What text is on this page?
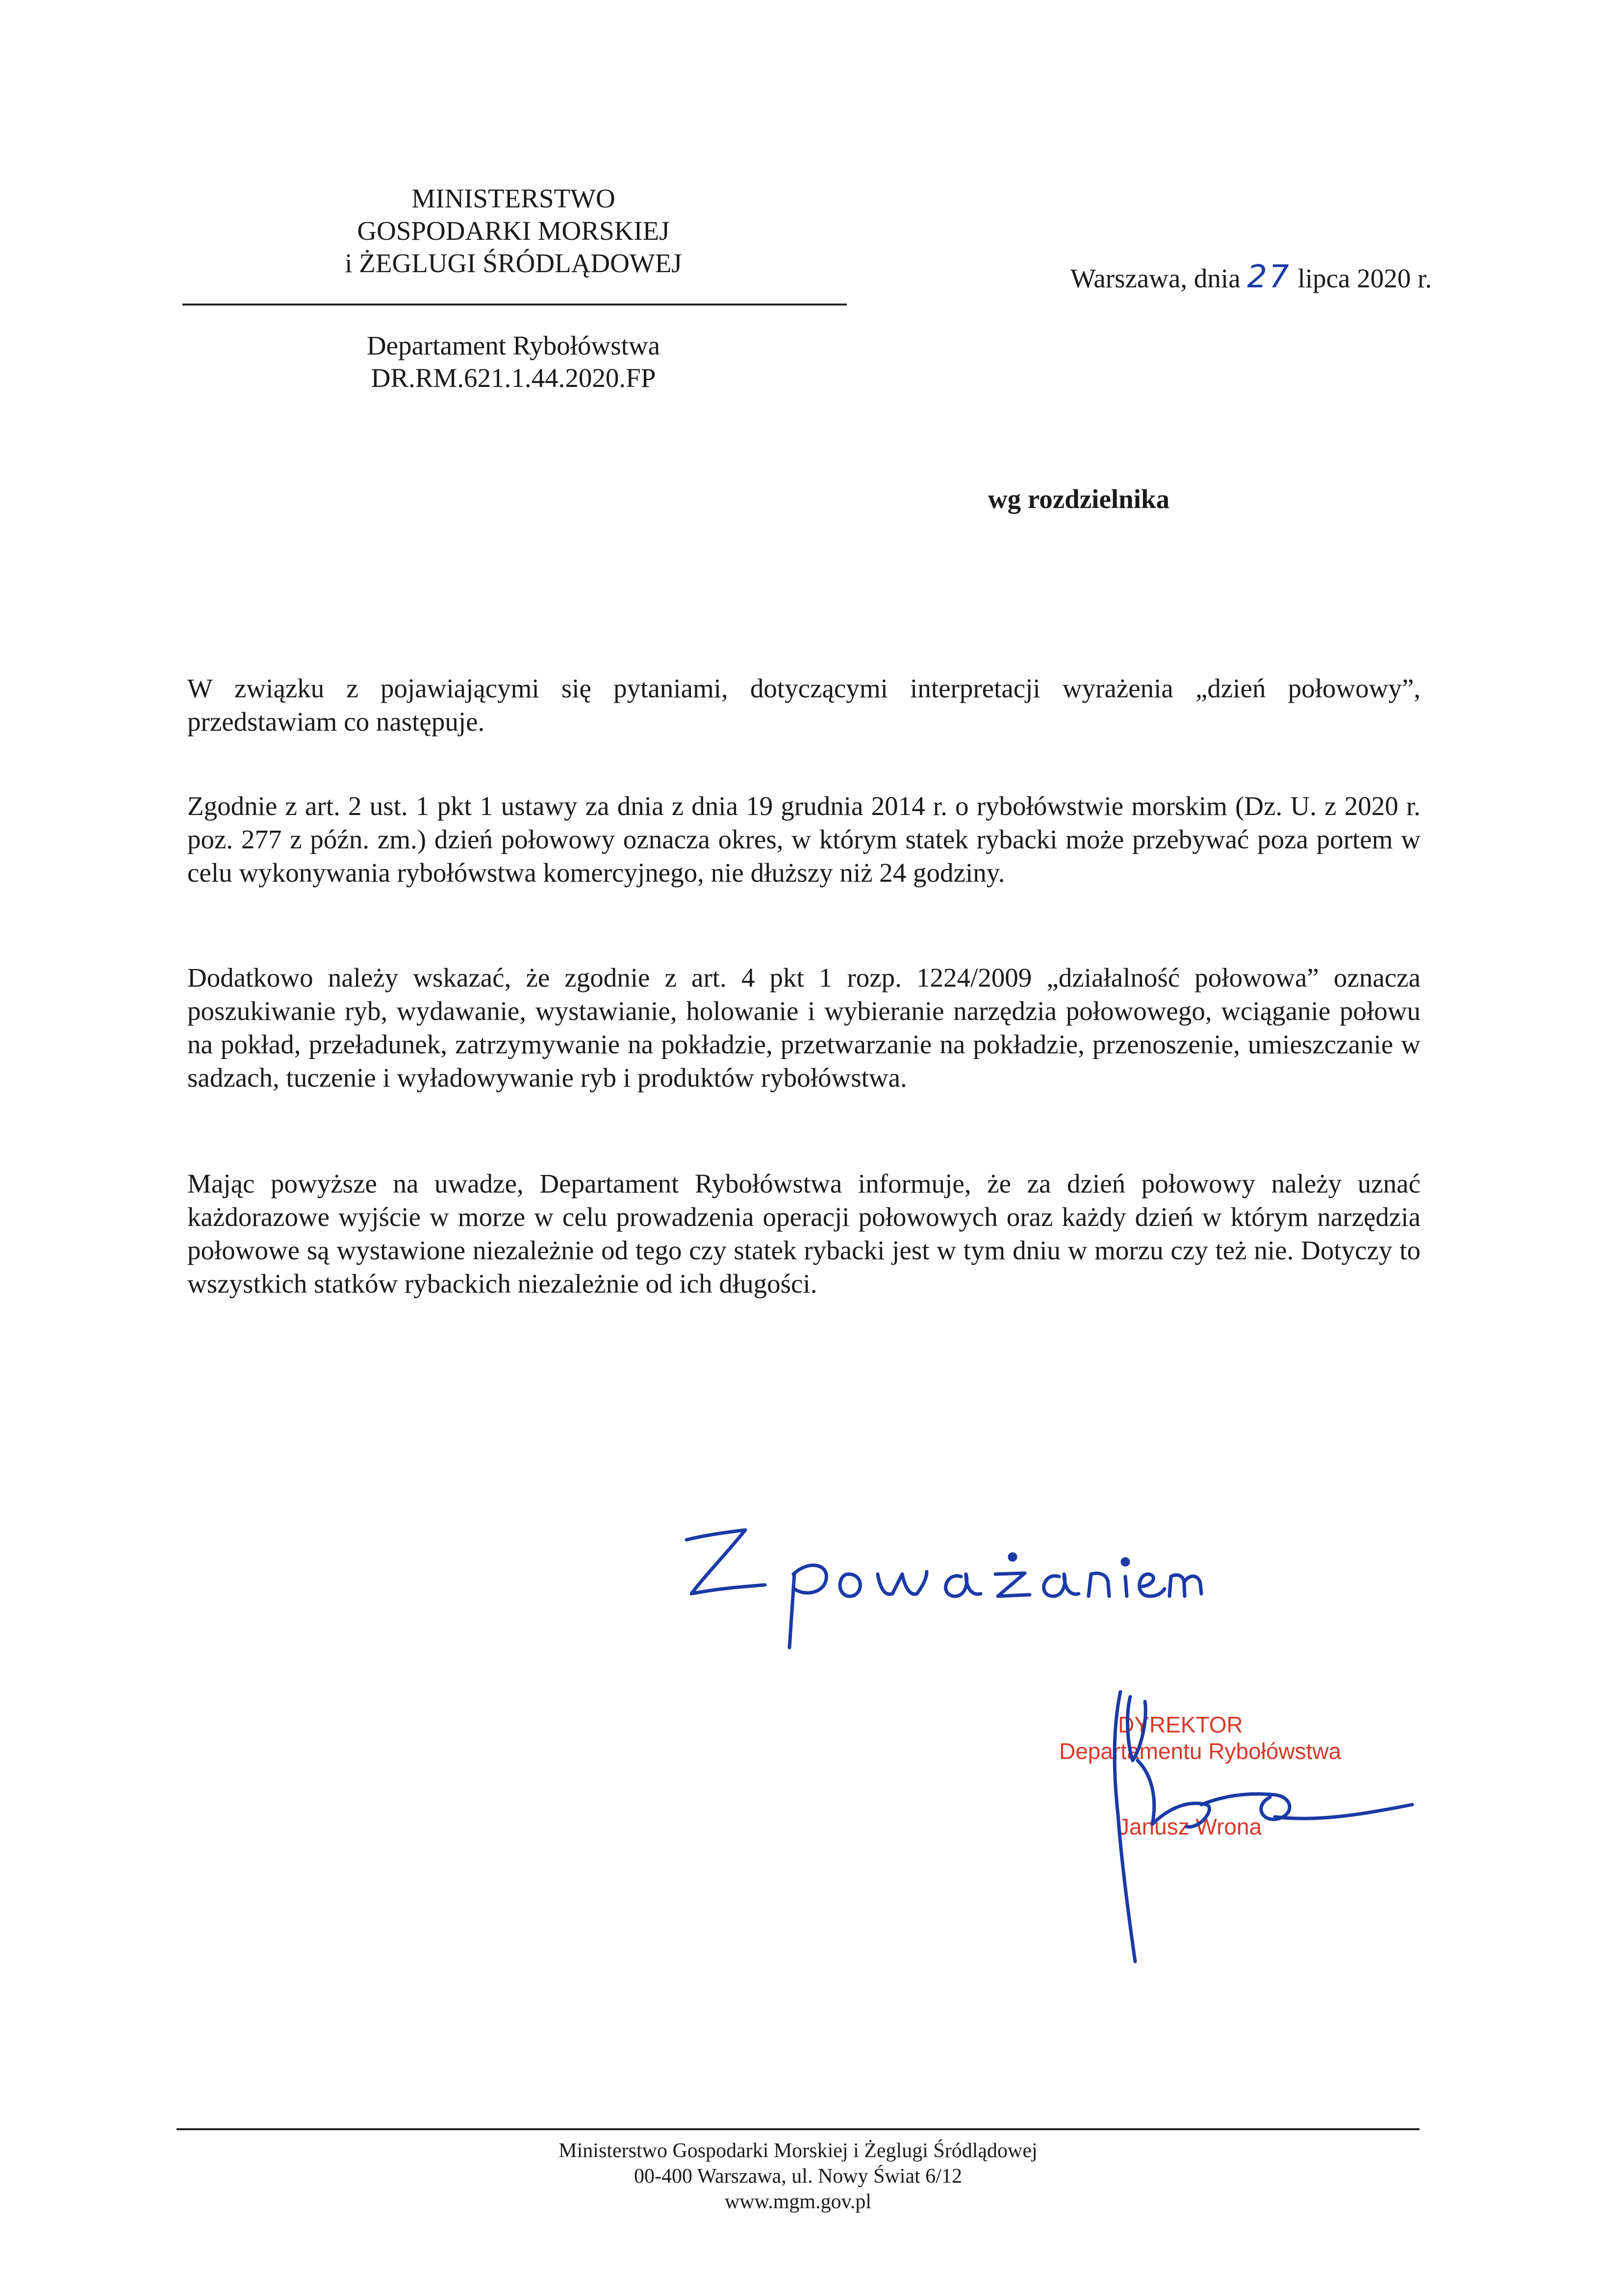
MINISTERSTWO
GOSPODARKI MORSKIEJ
i ŻEGLUGI ŚRÓDLĄDOWEJ
Departament Rybołówstwa
DR.RM.621.1.44.2020.FP
Warszawa, dnia 27 lipca 2020 r.
wg rozdzielnika
W związku z pojawiającymi się pytaniami, dotyczącymi interpretacji wyrażenia „dzień połowowy”, przedstawiam co następuje.
Zgodnie z art. 2 ust. 1 pkt 1 ustawy za dnia z dnia 19 grudnia 2014 r. o rybołówstwie morskim (Dz. U. z 2020 r. poz. 277 z późn. zm.) dzień połowowy oznacza okres, w którym statek rybacki może przebywać poza portem w celu wykonywania rybołówstwa komercyjnego, nie dłuższy niż 24 godziny.
Dodatkowo należy wskazać, że zgodnie z art. 4 pkt 1 rozp. 1224/2009 „działalność połowowa” oznacza poszukiwanie ryb, wydawanie, wystawianie, holowanie i wybieranie narzędzia połowowego, wciąganie połowu na pokład, przeładunek, zatrzymywanie na pokładzie, przetwarzanie na pokładzie, przenoszenie, umieszczanie w sadzach, tuczenie i wyładowywanie ryb i produktów rybołówstwa.
Mając powyższe na uwadze, Departament Rybołówstwa informuje, że za dzień połowowy należy uznać każdorazowe wyjście w morze w celu prowadzenia operacji połowowych oraz każdy dzień w którym narzędzia połowowe są wystawione niezależnie od tego czy statek rybacki jest w tym dniu w morzu czy też nie. Dotyczy to wszystkich statków rybackich niezależnie od ich długości.
DYREKTOR
Departamentu Rybołówstwa
Janusz Wrona
Ministerstwo Gospodarki Morskiej i Żeglugi Śródlądowej
00-400 Warszawa, ul. Nowy Świat 6/12
www.mgm.gov.pl
